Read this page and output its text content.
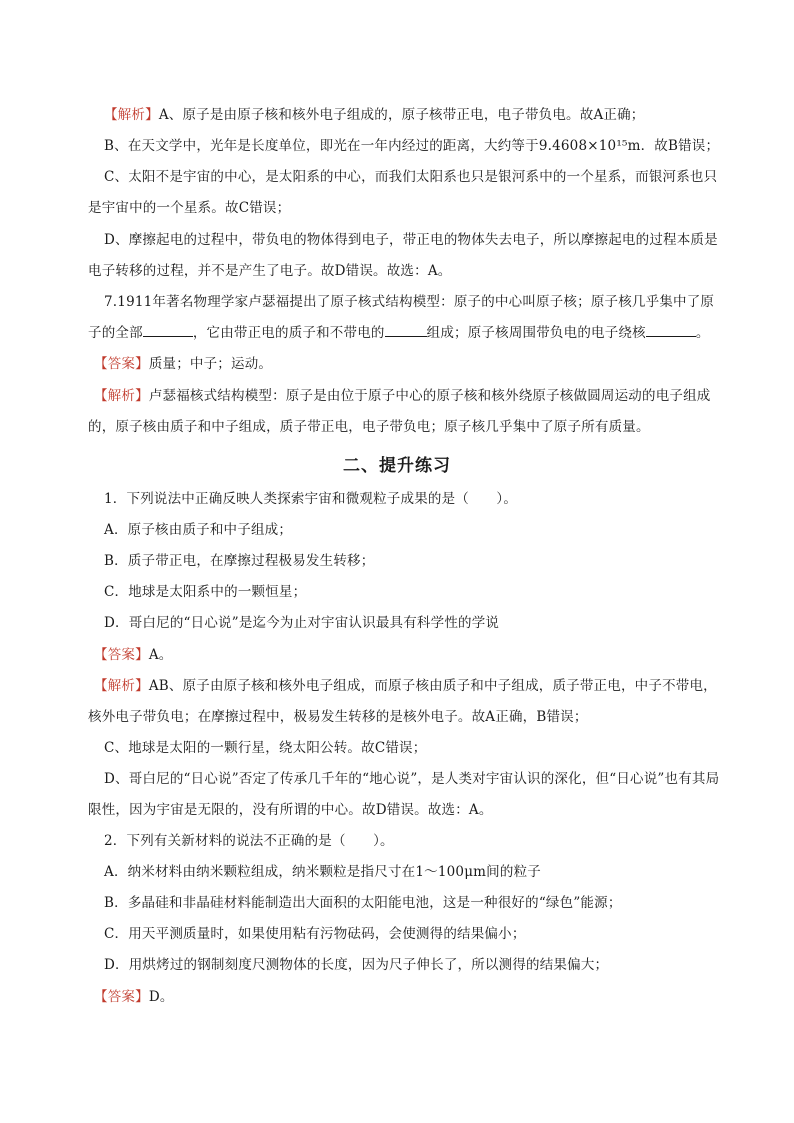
【解析】A、原子是由原子核和核外电子组成的，原子核带正电，电子带负电。故A正确；
B、在天文学中，光年是长度单位，即光在一年内经过的距离，大约等于9.4608×10¹⁵m．故B错误；
C、太阳不是宇宙的中心，是太阳系的中心，而我们太阳系也只是银河系中的一个星系，而银河系也只是宇宙中的一个星系。故C错误；
D、摩擦起电的过程中，带负电的物体得到电子，带正电的物体失去电子，所以摩擦起电的过程本质是电子转移的过程，并不是产生了电子。故D错误。故选：A。
7.1911年著名物理学家卢瑟福提出了原子核式结构模型：原子的中心叫原子核；原子核几乎集中了原子的全部	，它由带正电的质子和不带电的	组成；原子核周围带负电的电子绕核	。
【答案】质量；中子；运动。
【解析】卢瑟福核式结构模型：原子是由位于原子中心的原子核和核外绕原子核做圆周运动的电子组成的，原子核由质子和中子组成，质子带正电，电子带负电；原子核几乎集中了原子所有质量。
二、提升练习
1．下列说法中正确反映人类探索宇宙和微观粒子成果的是（　　）。
A．原子核由质子和中子组成；
B．质子带正电，在摩擦过程极易发生转移；
C．地球是太阳系中的一颗恒星；
D．哥白尼的“日心说”是迄今为止对宇宙认识最具有科学性的学说
【答案】A。
【解析】AB、原子由原子核和核外电子组成，而原子核由质子和中子组成，质子带正电，中子不带电，核外电子带负电；在摩擦过程中，极易发生转移的是核外电子。故A正确，B错误；
C、地球是太阳的一颗行星，绕太阳公转。故C错误；
D、哥白尼的“日心说”否定了传承几千年的“地心说”，是人类对宇宙认识的深化，但“日心说”也有其局限性，因为宇宙是无限的，没有所谓的中心。故D错误。故选：A。
2．下列有关新材料的说法不正确的是（　　）。
A．纳米材料由纳米颗粒组成，纳米颗粒是指尺寸在1～100μm间的粒子
B．多晶硅和非晶硅材料能制造出大面积的太阳能电池，这是一种很好的“绿色”能源；
C．用天平测质量时，如果使用粘有污物砝码，会使测得的结果偏小；
D．用烘烤过的钢制刻度尺测物体的长度，因为尺子伸长了，所以测得的结果偏大；
【答案】D。
